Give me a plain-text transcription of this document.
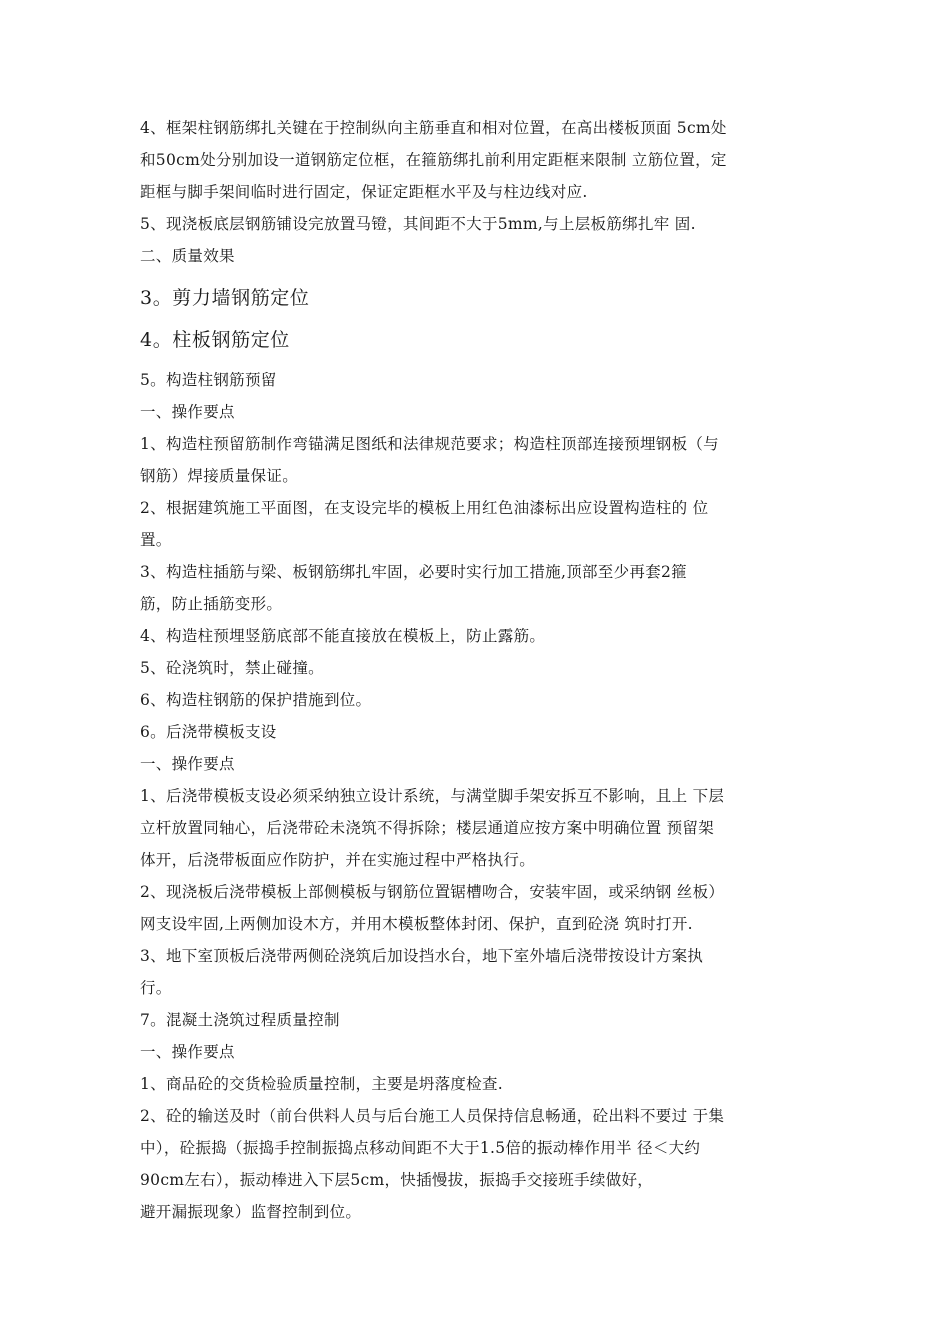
4、框架柱钢筋绑扎关键在于控制纵向主筋垂直和相对位置，在高出楼板顶面 5cm处
和50cm处分别加设一道钢筋定位框，在箍筋绑扎前利用定距框来限制 立筋位置，定
距框与脚手架间临时进行固定，保证定距框水平及与柱边线对应.
5、现浇板底层钢筋铺设完放置马镫，其间距不大于5mm,与上层板筋绑扎牢 固.
二、质量效果
3。剪力墙钢筋定位
4。柱板钢筋定位
5。构造柱钢筋预留
一、操作要点
1、构造柱预留筋制作弯锚满足图纸和法律规范要求；构造柱顶部连接预埋钢板（与
钢筋）焊接质量保证。
2、根据建筑施工平面图，在支设完毕的模板上用红色油漆标出应设置构造柱的 位
置。
3、构造柱插筋与梁、板钢筋绑扎牢固，必要时实行加工措施,顶部至少再套2箍
筋，防止插筋变形。
4、构造柱预埋竖筋底部不能直接放在模板上，防止露筋。
5、砼浇筑时，禁止碰撞。
6、构造柱钢筋的保护措施到位。
6。后浇带模板支设
一、操作要点
1、后浇带模板支设必须采纳独立设计系统，与满堂脚手架安拆互不影响，且上 下层
立杆放置同轴心，后浇带砼未浇筑不得拆除；楼层通道应按方案中明确位置 预留架
体开，后浇带板面应作防护，并在实施过程中严格执行。
2、现浇板后浇带模板上部侧模板与钢筋位置锯槽吻合，安装牢固，或采纳钢 丝板）
网支设牢固,上两侧加设木方，并用木模板整体封闭、保护，直到砼浇 筑时打开.
3、地下室顶板后浇带两侧砼浇筑后加设挡水台，地下室外墙后浇带按设计方案执
行。
7。混凝土浇筑过程质量控制
一、操作要点
1、商品砼的交货检验质量控制，主要是坍落度检查.
2、砼的输送及时（前台供料人员与后台施工人员保持信息畅通，砼出料不要过 于集
中），砼振捣（振捣手控制振捣点移动间距不大于1.5倍的振动棒作用半 径＜大约
90cm左右），振动棒进入下层5cm，快插慢拔，振捣手交接班手续做好，
避开漏振现象）监督控制到位。
